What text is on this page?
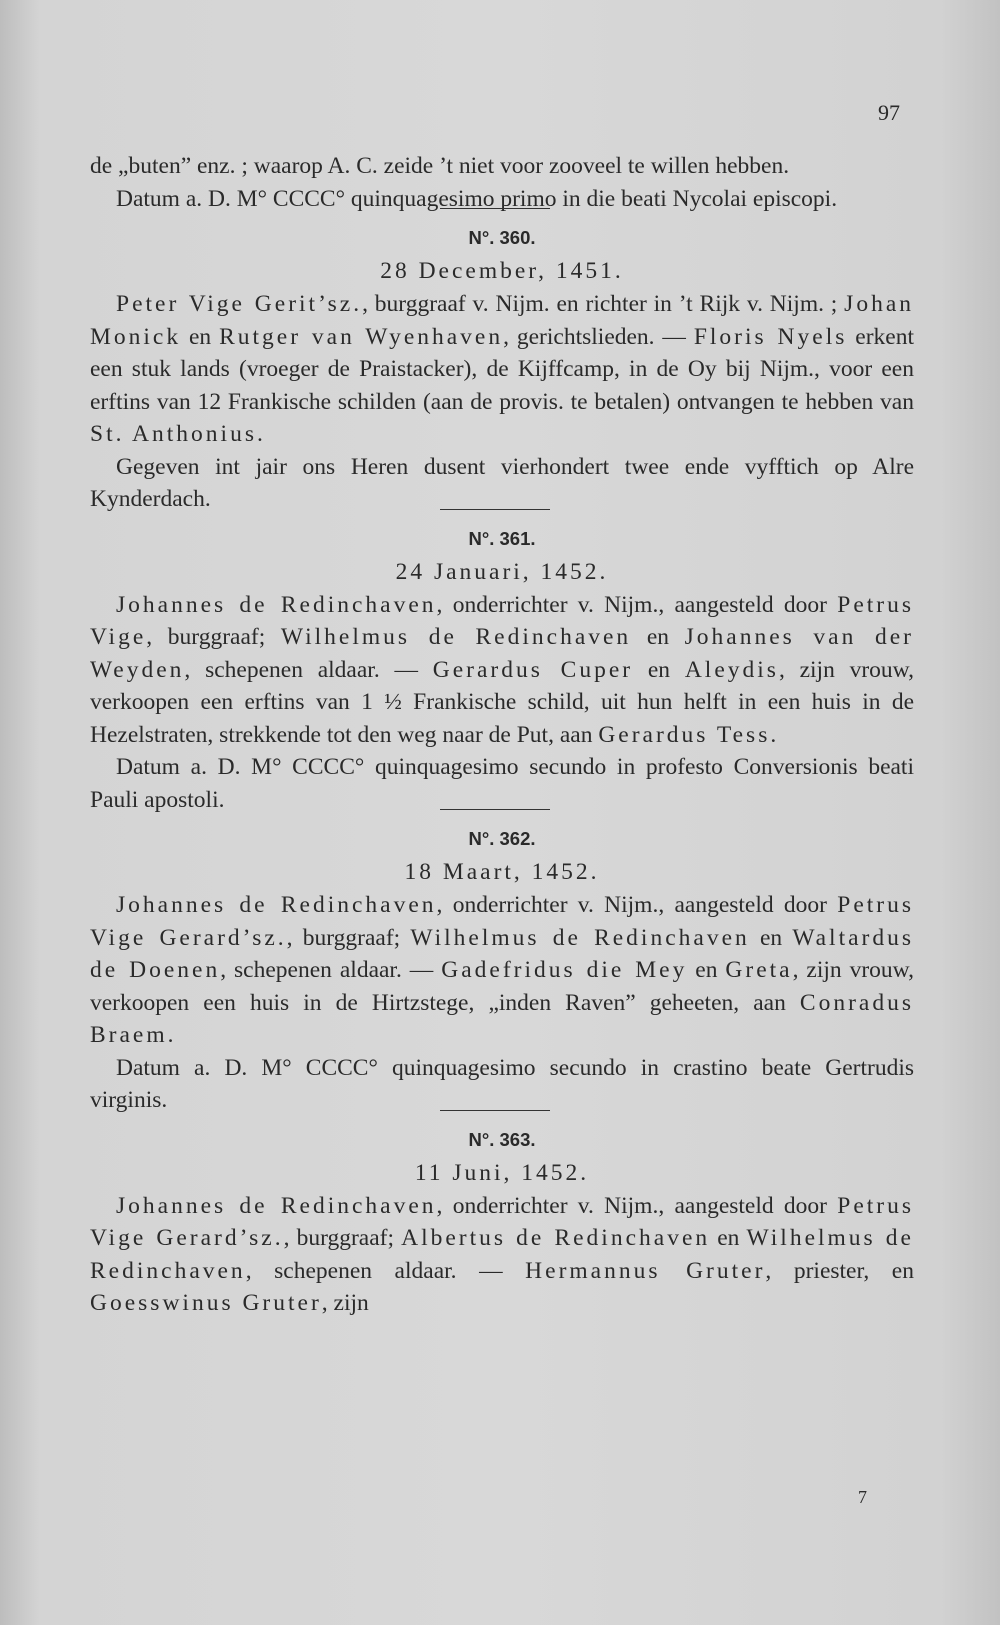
97

de „buten” enz. ; waarop A. C. zeide ’t niet voor zooveel te willen hebben.

Datum a. D. M° CCCC° quinquagesimo primo in die beati Nycolai episcopi.

N°. 360.
28 December, 1451.

Peter Vige Gerit’sz., burggraaf v. Nijm. en richter in ’t Rijk v. Nijm. ; Johan Monick en Rutger van Wyenhaven, gerichtslieden. — Floris Nyels erkent een stuk lands (vroeger de Praistacker), de Kijffcamp, in de Oy bij Nijm., voor een erftins van 12 Frankische schilden (aan de provis. te betalen) ontvangen te hebben van St. Anthonius.

Gegeven int jair ons Heren dusent vierhondert twee ende vyfftich op Alre Kynderdach.

N°. 361.
24 Januari, 1452.

Johannes de Redinchaven, onderrichter v. Nijm., aangesteld door Petrus Vige, burggraaf; Wilhelmus de Redinchaven en Johannes van der Weyden, schepenen aldaar. — Gerardus Cuper en Aleydis, zijn vrouw, verkoopen een erftins van 1 ½ Frankische schild, uit hun helft in een huis in de Hezelstraten, strekkende tot den weg naar de Put, aan Gerardus Tess.

Datum a. D. M° CCCC° quinquagesimo secundo in profesto Conversionis beati Pauli apostoli.

N°. 362.
18 Maart, 1452.

Johannes de Redinchaven, onderrichter v. Nijm., aangesteld door Petrus Vige Gerard’sz., burggraaf; Wilhelmus de Redinchaven en Waltardus de Doenen, schepenen aldaar. — Gadefridus die Mey en Greta, zijn vrouw, verkoopen een huis in de Hirtzstege, „inden Raven” geheeten, aan Conradus Braem.

Datum a. D. M° CCCC° quinquagesimo secundo in crastino beate Gertrudis virginis.

N°. 363.
11 Juni, 1452.

Johannes de Redinchaven, onderrichter v. Nijm., aangesteld door Petrus Vige Gerard’sz., burggraaf; Albertus de Redinchaven en Wilhelmus de Redinchaven, schepenen aldaar. — Hermannus Gruter, priester, en Goesswinus Gruter, zijn

7
